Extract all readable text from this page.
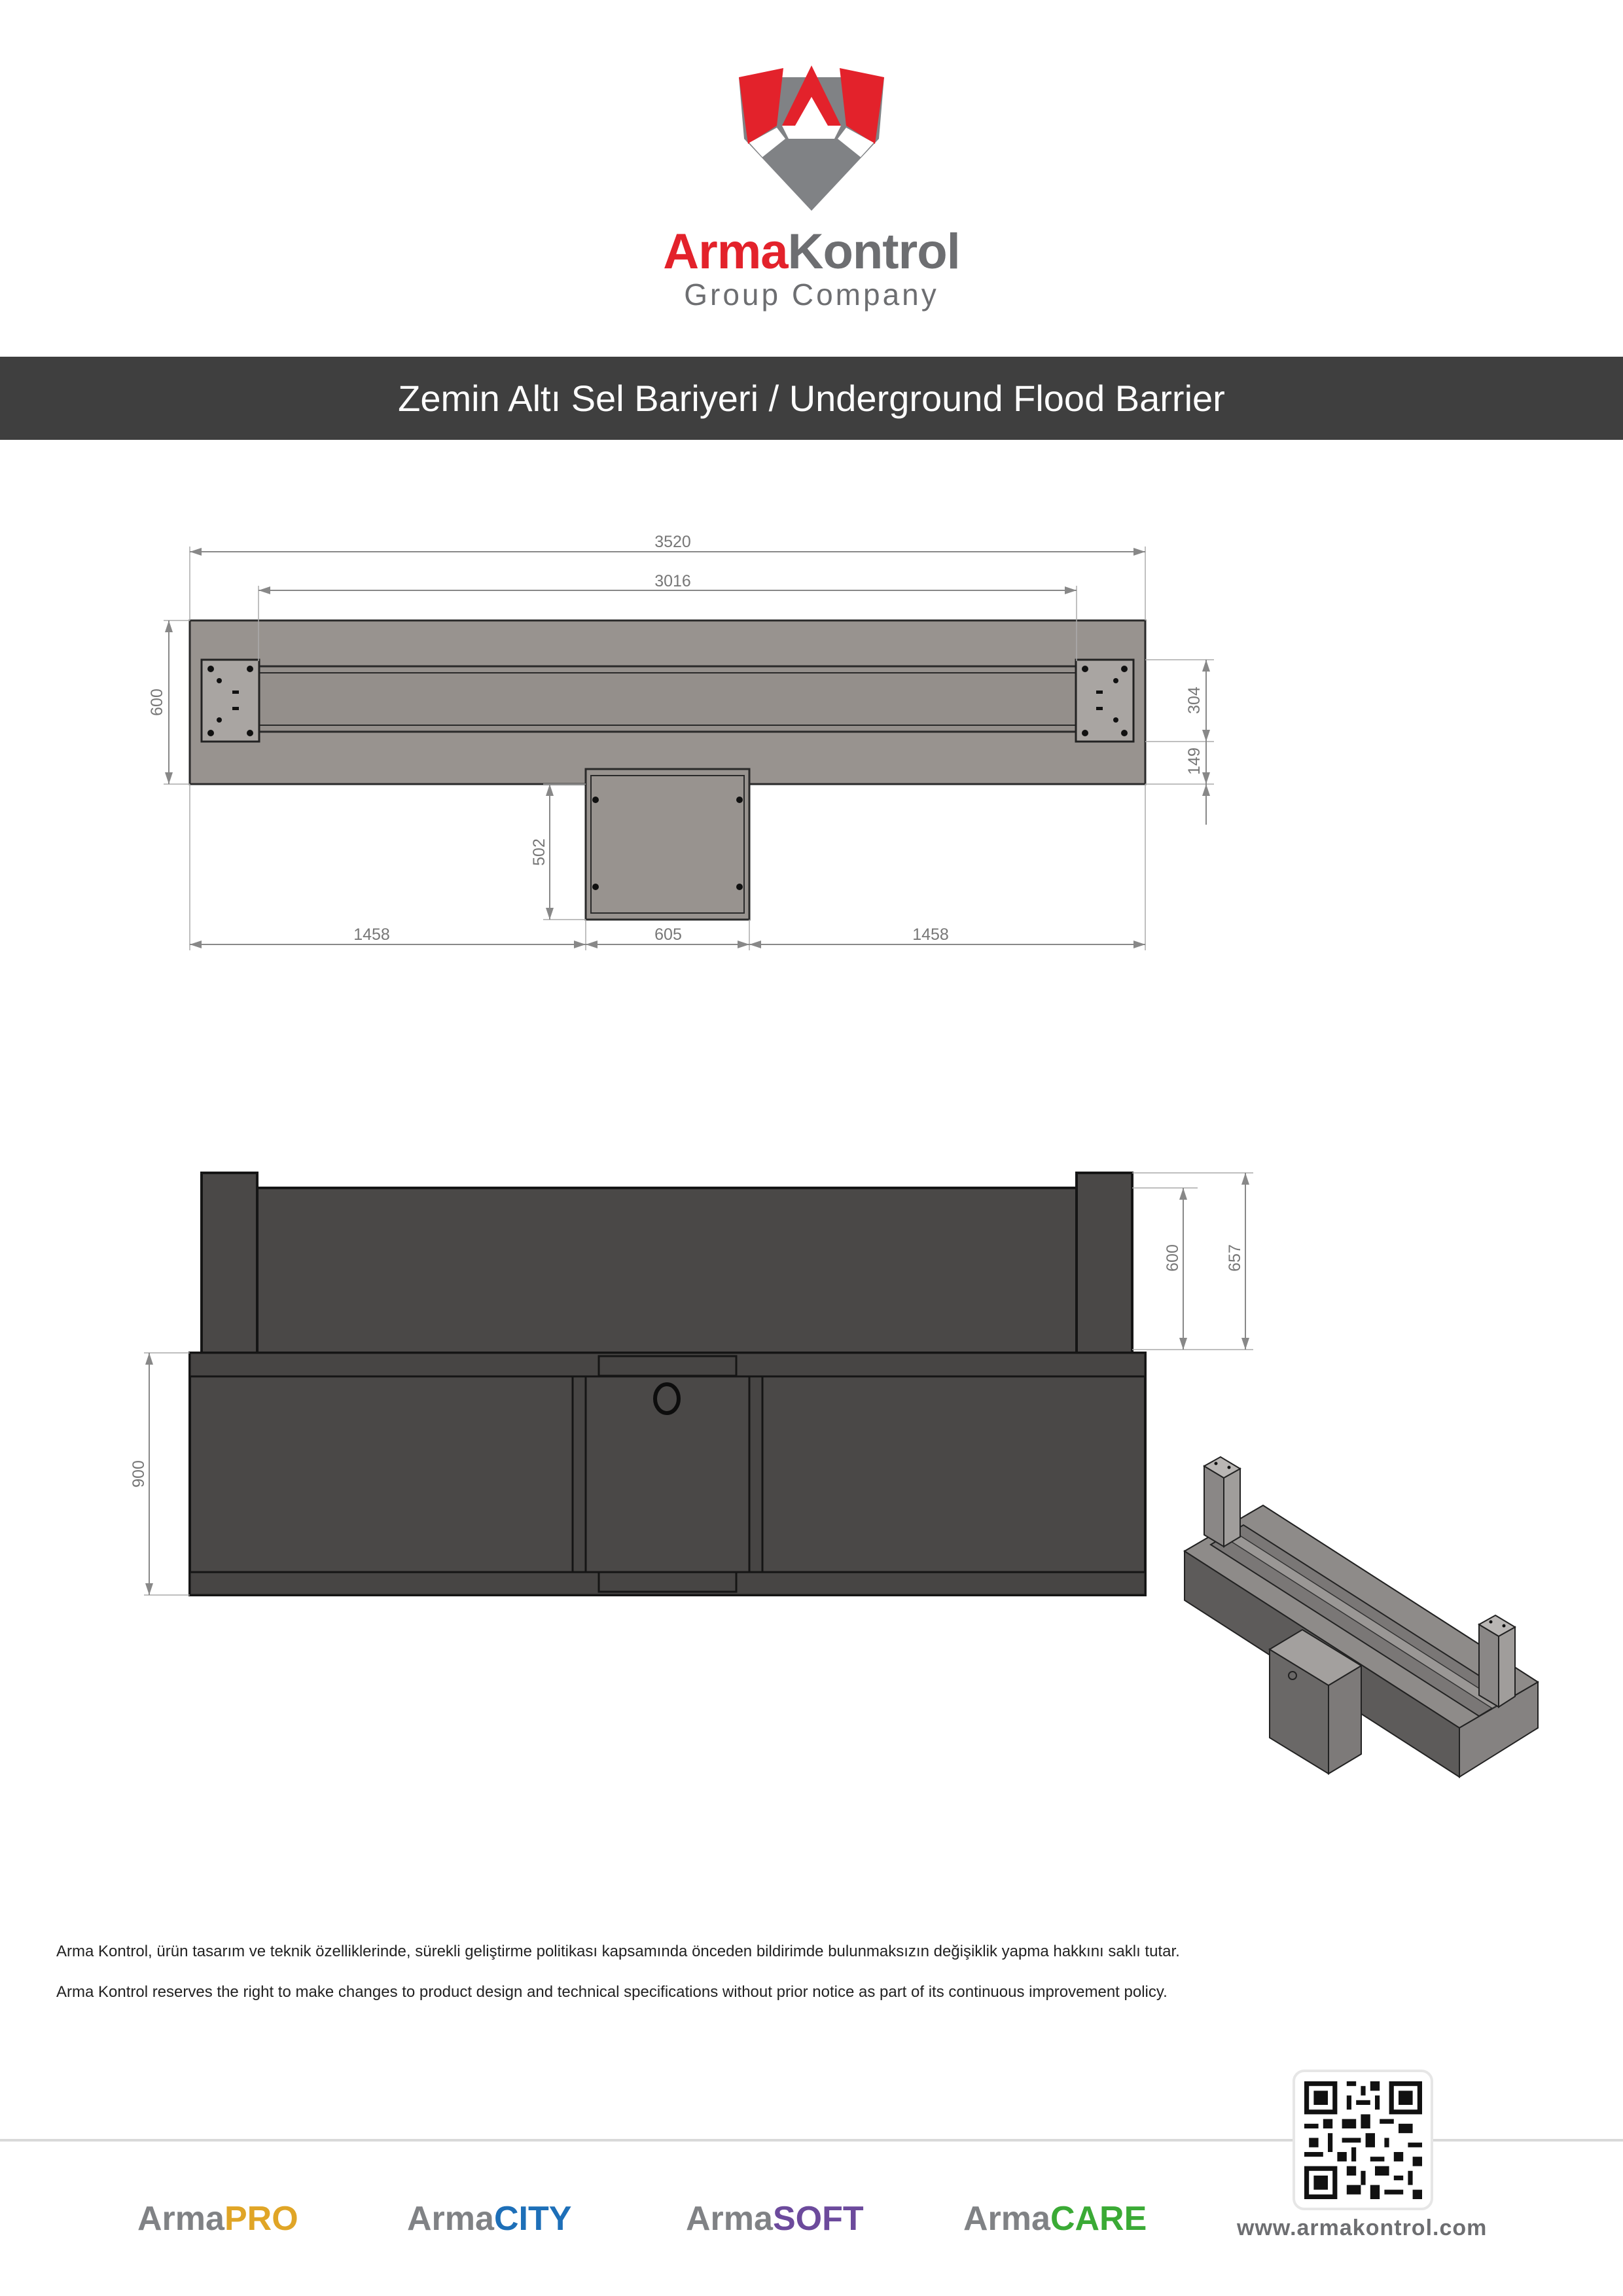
ArmaKontrol
Group Company
Zemin Altı Sel Bariyeri / Underground Flood Barrier
3520
3016
600	304
149
502
1458	605	1458
600	657
900
Arma Kontrol, ürün tasarım ve teknik özelliklerinde, sürekli geliştirme politikası kapsamında önceden bildirimde bulunmaksızın değişiklik yapma hakkını saklı tutar.
Arma Kontrol reserves the right to make changes to product design and technical specifications without prior notice as part of its continuous improvement policy.
ArmaPRO	ArmaCITY	ArmaSOFT	ArmaCARE	www.armakontrol.com
